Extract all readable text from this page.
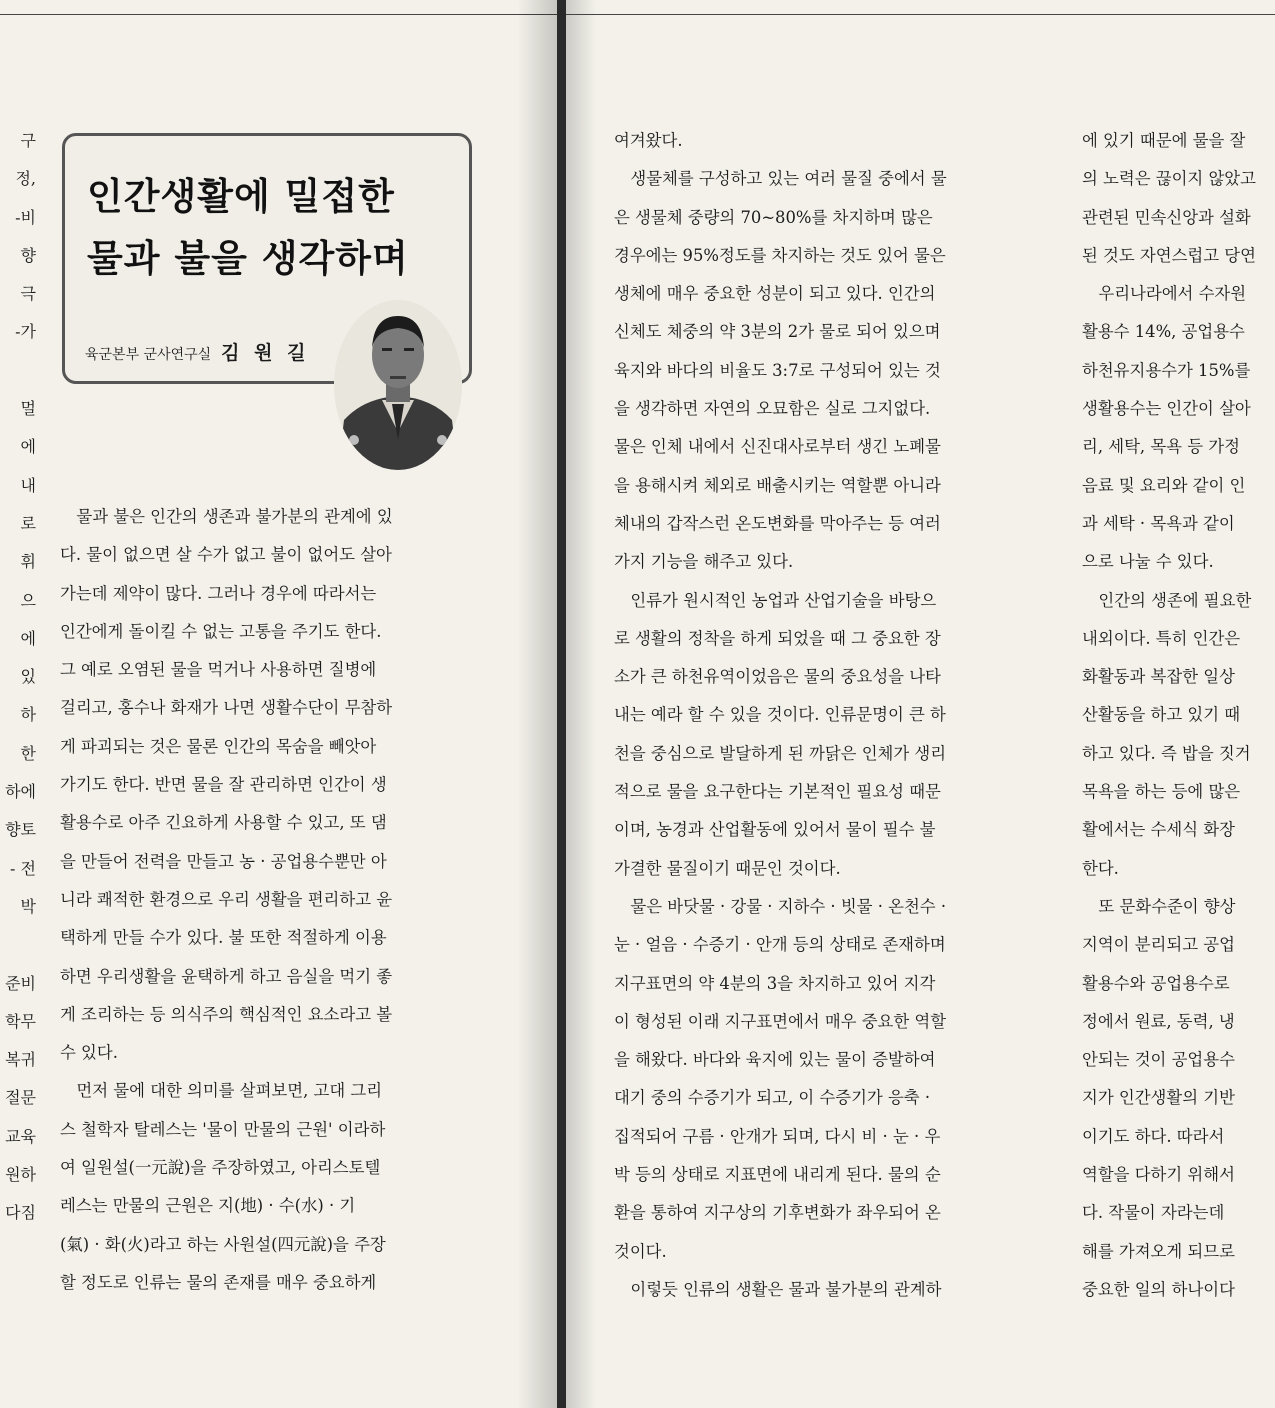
구
정,
-비
향
극
-가
멀
에
내
로
휘
으
에
있
하
한
하에
향토
- 전
박
준비
학무
복귀
절문
교육
원하
다짐
인간생활에 밀접한
물과 불을 생각하며
육군본부 군사연구실 김 원 길
　물과 불은 인간의 생존과 불가분의 관계에 있
다. 물이 없으면 살 수가 없고 불이 없어도 살아
가는데 제약이 많다. 그러나 경우에 따라서는
인간에게 돌이킬 수 없는 고통을 주기도 한다.
그 예로 오염된 물을 먹거나 사용하면 질병에
걸리고, 홍수나 화재가 나면 생활수단이 무참하
게 파괴되는 것은 물론 인간의 목숨을 빼앗아
가기도 한다. 반면 물을 잘 관리하면 인간이 생
활용수로 아주 긴요하게 사용할 수 있고, 또 댐
을 만들어 전력을 만들고 농 · 공업용수뿐만 아
니라 쾌적한 환경으로 우리 생활을 편리하고 윤
택하게 만들 수가 있다. 불 또한 적절하게 이용
하면 우리생활을 윤택하게 하고 음실을 먹기 좋
게 조리하는 등 의식주의 핵심적인 요소라고 볼
수 있다.
　먼저 물에 대한 의미를 살펴보면, 고대 그리
스 철학자 탈레스는 '물이 만물의 근원' 이라하
여 일원설(一元說)을 주장하였고, 아리스토텔
레스는 만물의 근원은 지(地) · 수(水) · 기
(氣) · 화(火)라고 하는 사원설(四元說)을 주장
할 정도로 인류는 물의 존재를 매우 중요하게
여겨왔다.
　생물체를 구성하고 있는 여러 물질 중에서 물
은 생물체 중량의 70~80%를 차지하며 많은
경우에는 95%정도를 차지하는 것도 있어 물은
생체에 매우 중요한 성분이 되고 있다. 인간의
신체도 체중의 약 3분의 2가 물로 되어 있으며
육지와 바다의 비율도 3:7로 구성되어 있는 것
을 생각하면 자연의 오묘함은 실로 그지없다.
물은 인체 내에서 신진대사로부터 생긴 노폐물
을 용해시켜 체외로 배출시키는 역할뿐 아니라
체내의 갑작스런 온도변화를 막아주는 등 여러
가지 기능을 해주고 있다.
　인류가 원시적인 농업과 산업기술을 바탕으
로 생활의 정착을 하게 되었을 때 그 중요한 장
소가 큰 하천유역이었음은 물의 중요성을 나타
내는 예라 할 수 있을 것이다. 인류문명이 큰 하
천을 중심으로 발달하게 된 까닭은 인체가 생리
적으로 물을 요구한다는 기본적인 필요성 때문
이며, 농경과 산업활동에 있어서 물이 필수 불
가결한 물질이기 때문인 것이다.
　물은 바닷물 · 강물 · 지하수 · 빗물 · 온천수 ·
눈 · 얼음 · 수증기 · 안개 등의 상태로 존재하며
지구표면의 약 4분의 3을 차지하고 있어 지각
이 형성된 이래 지구표면에서 매우 중요한 역할
을 해왔다. 바다와 육지에 있는 물이 증발하여
대기 중의 수증기가 되고, 이 수증기가 응축 ·
집적되어 구름 · 안개가 되며, 다시 비 · 눈 · 우
박 등의 상태로 지표면에 내리게 된다. 물의 순
환을 통하여 지구상의 기후변화가 좌우되어 온
것이다.
　이렇듯 인류의 생활은 물과 불가분의 관계하
에 있기 때문에 물을 잘
의 노력은 끊이지 않았고
관련된 민속신앙과 설화
된 것도 자연스럽고 당연
　우리나라에서 수자원
활용수 14%, 공업용수
하천유지용수가 15%를
생활용수는 인간이 살아
리, 세탁, 목욕 등 가정
음료 및 요리와 같이 인
과 세탁 · 목욕과 같이
으로 나눌 수 있다.
　인간의 생존에 필요한
내외이다. 특히 인간은
화활동과 복잡한 일상
산활동을 하고 있기 때
하고 있다. 즉 밥을 짓거
목욕을 하는 등에 많은
활에서는 수세식 화장
한다.
　또 문화수준이 향상
지역이 분리되고 공업
활용수와 공업용수로
정에서 원료, 동력, 냉
안되는 것이 공업용수
지가 인간생활의 기반
이기도 하다. 따라서
역할을 다하기 위해서
다. 작물이 자라는데
해를 가져오게 되므로
중요한 일의 하나이다
